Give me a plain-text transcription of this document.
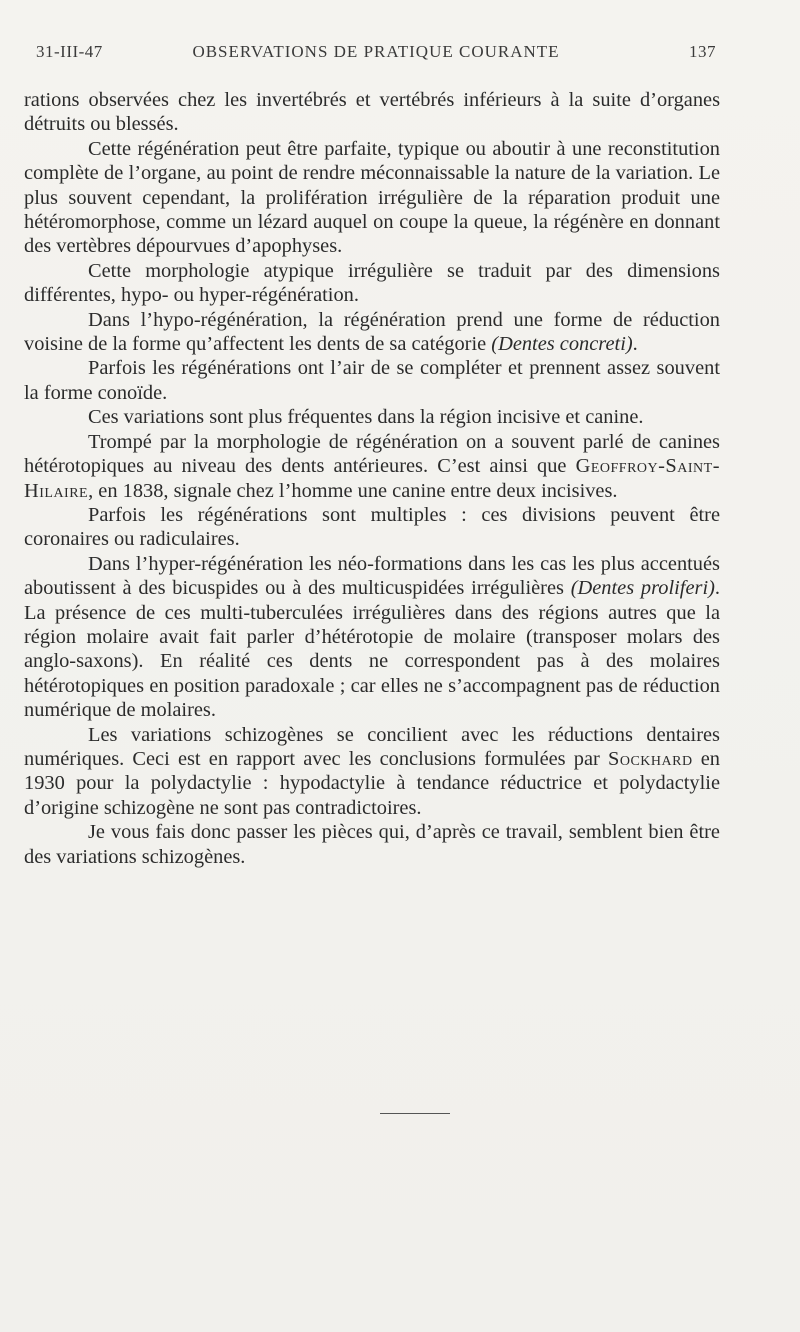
31-III-47	OBSERVATIONS DE PRATIQUE COURANTE	137

rations observées chez les invertébrés et vertébrés inférieurs à la suite d’organes détruits ou blessés.

Cette régénération peut être parfaite, typique ou aboutir à une reconstitution complète de l’organe, au point de rendre méconnaissable la nature de la variation. Le plus souvent cependant, la prolifération irrégulière de la réparation produit une hétéromorphose, comme un lézard auquel on coupe la queue, la régénère en donnant des vertèbres dépourvues d’apophyses.

Cette morphologie atypique irrégulière se traduit par des dimensions différentes, hypo- ou hyper-régénération.

Dans l’hypo-régénération, la régénération prend une forme de réduction voisine de la forme qu’affectent les dents de sa catégorie (Dentes concreti).

Parfois les régénérations ont l’air de se compléter et prennent assez souvent la forme conoïde.

Ces variations sont plus fréquentes dans la région incisive et canine.

Trompé par la morphologie de régénération on a souvent parlé de canines hétérotopiques au niveau des dents antérieures. C’est ainsi que Geoffroy-Saint-Hilaire, en 1838, signale chez l’homme une canine entre deux incisives.

Parfois les régénérations sont multiples : ces divisions peuvent être coronaires ou radiculaires.

Dans l’hyper-régénération les néo-formations dans les cas les plus accentués aboutissent à des bicuspides ou à des multicuspidées irrégulières (Dentes proliferi). La présence de ces multi-tuberculées irrégulières dans des régions autres que la région molaire avait fait parler d’hétérotopie de molaire (transposer molars des anglo-saxons). En réalité ces dents ne correspondent pas à des molaires hétérotopiques en position paradoxale ; car elles ne s’accompagnent pas de réduction numérique de molaires.

Les variations schizogènes se concilient avec les réductions dentaires numériques. Ceci est en rapport avec les conclusions formulées par Sockhard en 1930 pour la polydactylie : hypodactylie à tendance réductrice et polydactylie d’origine schizogène ne sont pas contradictoires.

Je vous fais donc passer les pièces qui, d’après ce travail, semblent bien être des variations schizogènes.
